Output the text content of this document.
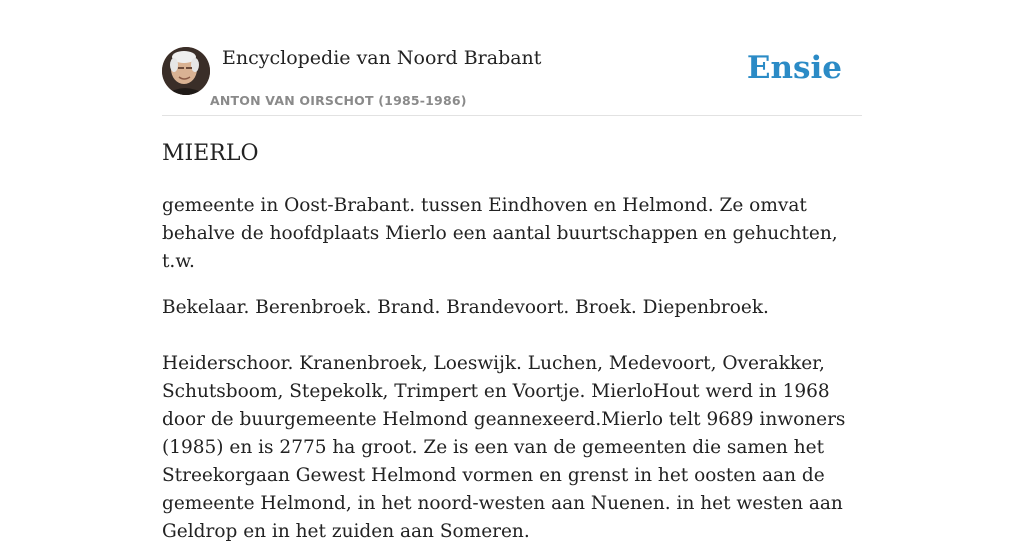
Encyclopedie van Noord Brabant
ANTON VAN OIRSCHOT (1985-1986)
Ensie
MIERLO

gemeente in Oost-Brabant. tussen Eindhoven en Helmond. Ze omvat behalve de hoofdplaats Mierlo een aantal buurtschappen en gehuchten, t.w.

Bekelaar. Berenbroek. Brand. Brandevoort. Broek. Diepenbroek.

Heiderschoor. Kranenbroek, Loeswijk. Luchen, Medevoort, Overakker, Schutsboom, Stepekolk, Trimpert en Voortje. MierloHout werd in 1968 door de buurgemeente Helmond geannexeerd.Mierlo telt 9689 inwoners (1985) en is 2775 ha groot. Ze is een van de gemeenten die samen het Streekorgaan Gewest Helmond vormen en grenst in het oosten aan de gemeente Helmond, in het noord-westen aan Nuenen. in het westen aan Geldrop en in het zuiden aan Someren.
